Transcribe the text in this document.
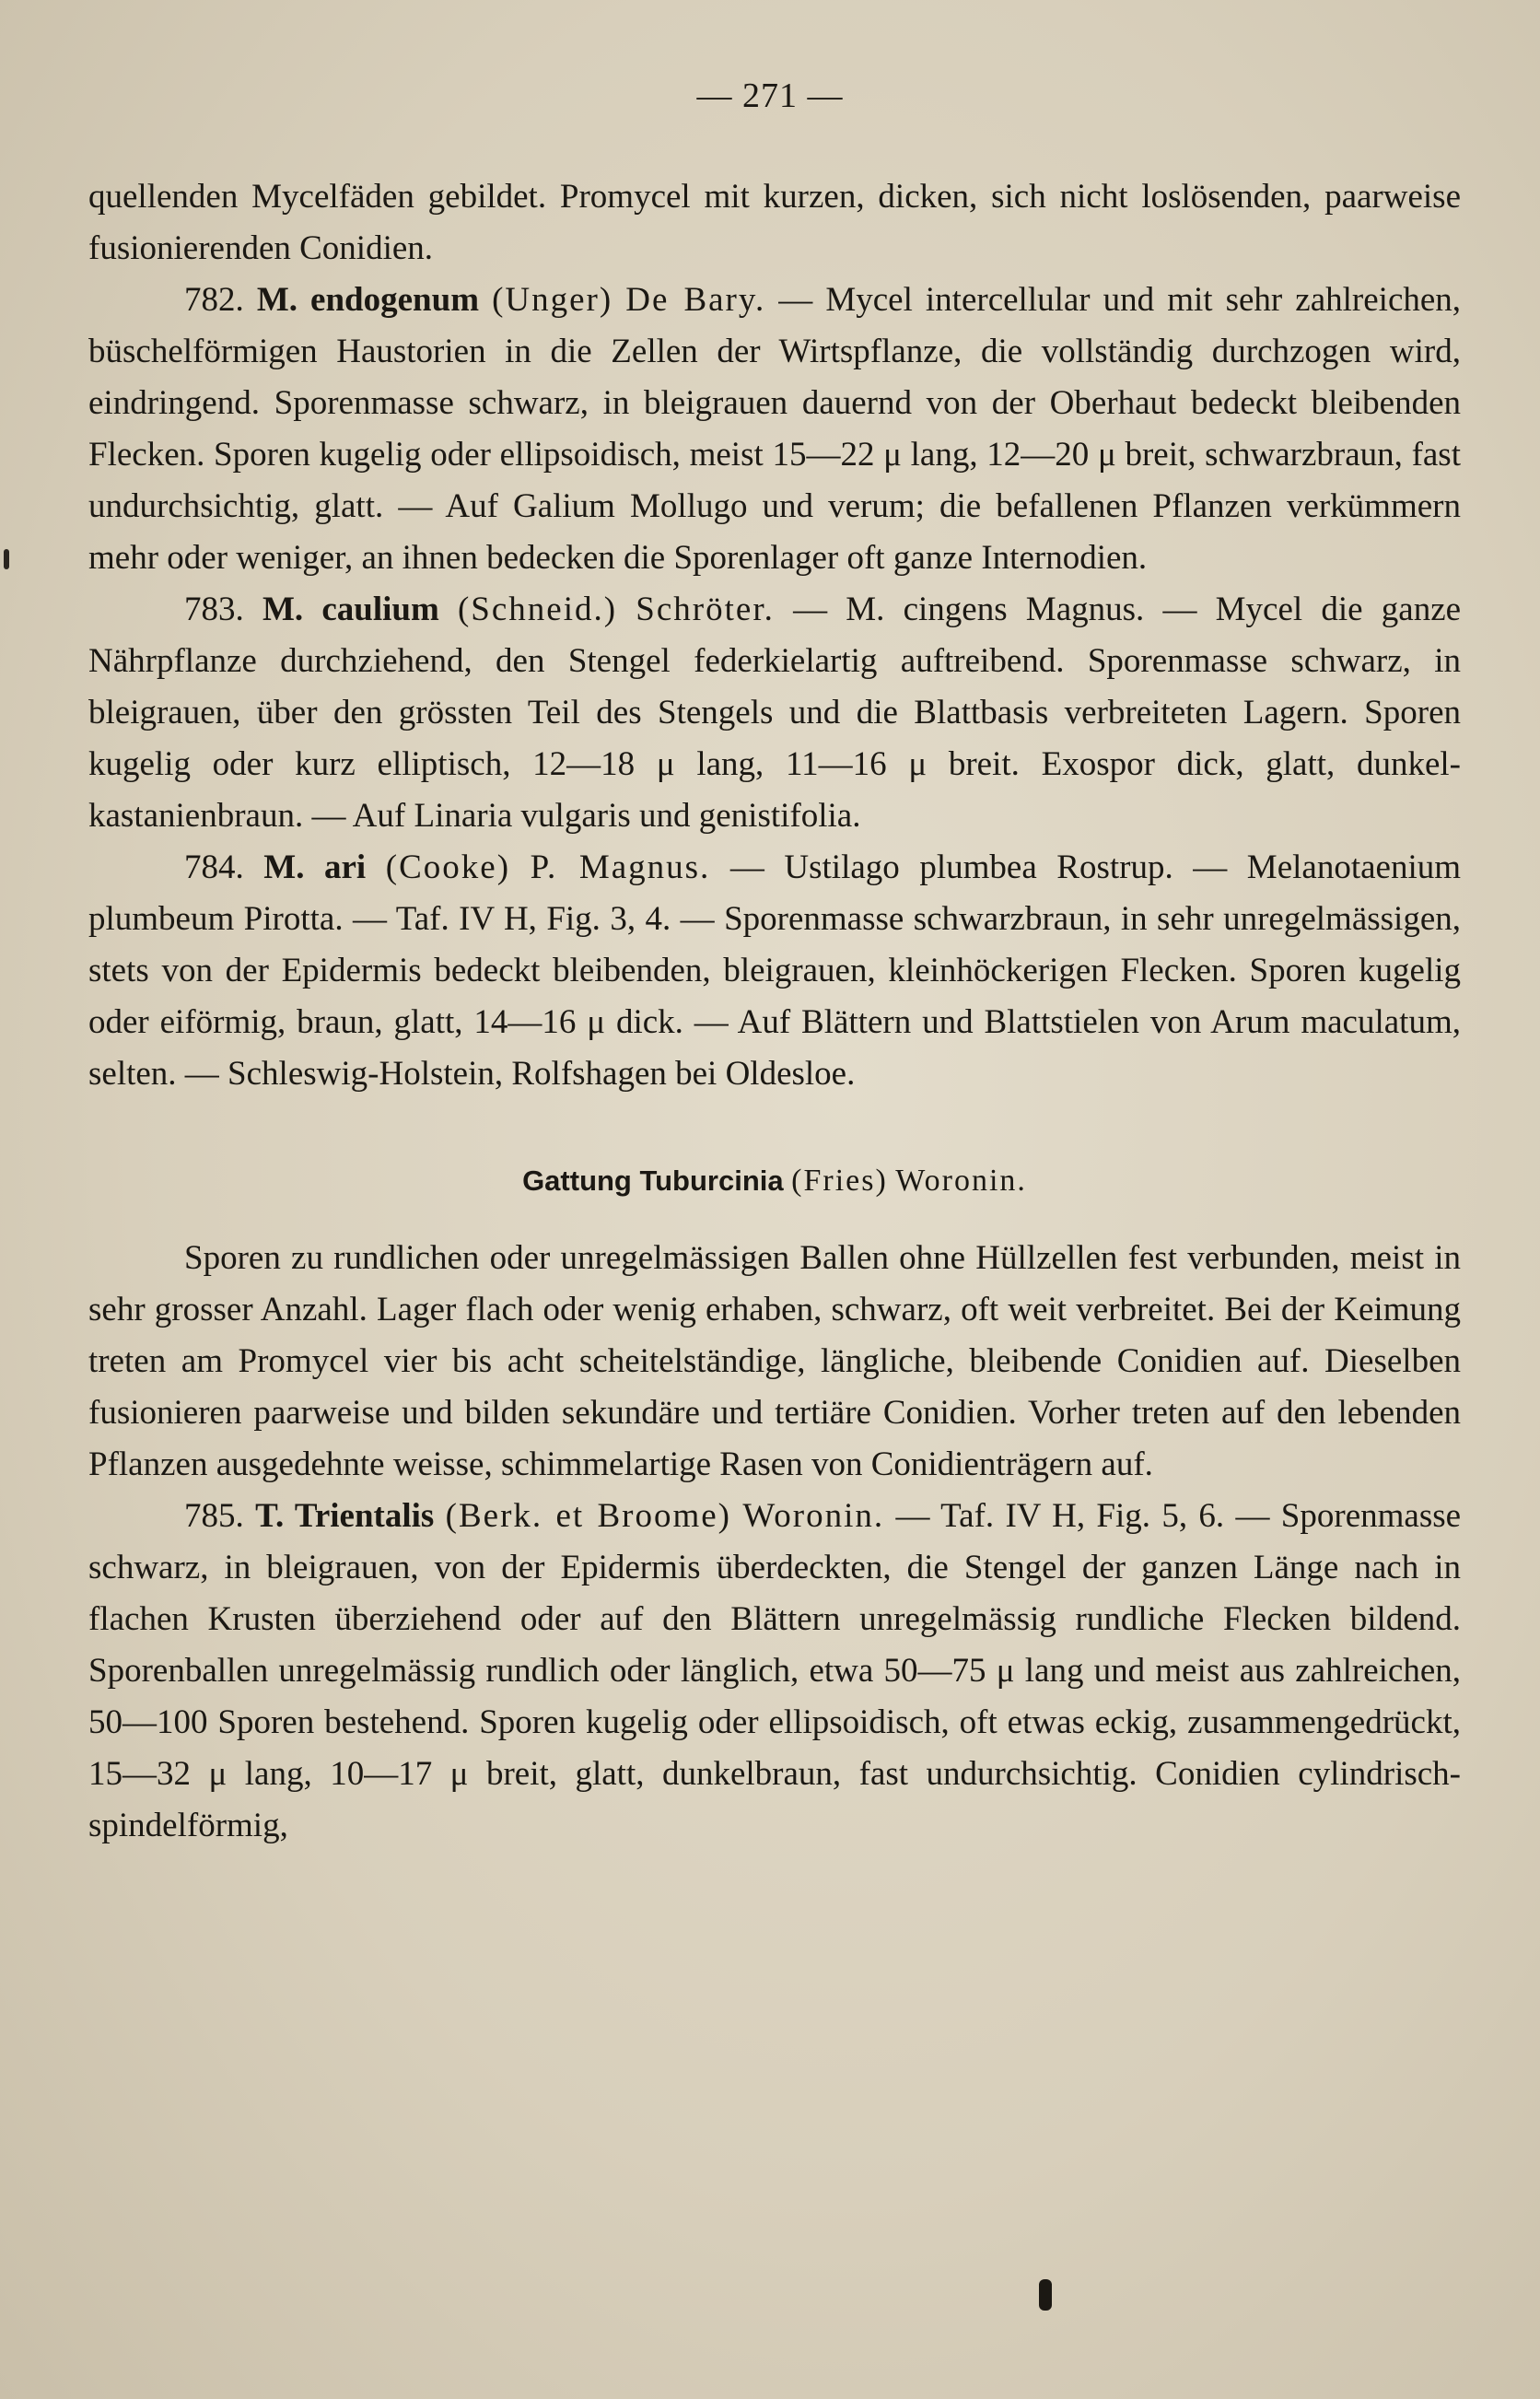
— 271 —

quellenden Mycelfäden gebildet. Promycel mit kurzen, dicken, sich nicht loslösenden, paarweise fusionierenden Conidien.

782. M. endogenum (Unger) De Bary. — Mycel intercellular und mit sehr zahlreichen, büschelförmigen Haustorien in die Zellen der Wirtspflanze, die vollständig durchzogen wird, eindringend. Sporenmasse schwarz, in bleigrauen dauernd von der Oberhaut bedeckt bleibenden Flecken. Sporen kugelig oder ellipsoidisch, meist 15—22 μ lang, 12—20 μ breit, schwarzbraun, fast undurchsichtig, glatt. — Auf Galium Mollugo und verum; die befallenen Pflanzen verkümmern mehr oder weniger, an ihnen bedecken die Sporenlager oft ganze Internodien.

783. M. caulium (Schneid.) Schröter. — M. cingens Magnus. — Mycel die ganze Nährpflanze durchziehend, den Stengel federkielartig auftreibend. Sporenmasse schwarz, in bleigrauen, über den grössten Teil des Stengels und die Blattbasis verbreiteten Lagern. Sporen kugelig oder kurz elliptisch, 12—18 μ lang, 11—16 μ breit. Exospor dick, glatt, dunkelkastanienbraun. — Auf Linaria vulgaris und genistifolia.

784. M. ari (Cooke) P. Magnus. — Ustilago plumbea Rostrup. — Melanotaenium plumbeum Pirotta. — Taf. IV H, Fig. 3, 4. — Sporenmasse schwarzbraun, in sehr unregelmässigen, stets von der Epidermis bedeckt bleibenden, bleigrauen, kleinhöckerigen Flecken. Sporen kugelig oder eiförmig, braun, glatt, 14—16 μ dick. — Auf Blättern und Blattstielen von Arum maculatum, selten. — Schleswig-Holstein, Rolfshagen bei Oldesloe.

Gattung Tuburcinia (Fries) Woronin.

Sporen zu rundlichen oder unregelmässigen Ballen ohne Hüllzellen fest verbunden, meist in sehr grosser Anzahl. Lager flach oder wenig erhaben, schwarz, oft weit verbreitet. Bei der Keimung treten am Promycel vier bis acht scheitelständige, längliche, bleibende Conidien auf. Dieselben fusionieren paarweise und bilden sekundäre und tertiäre Conidien. Vorher treten auf den lebenden Pflanzen ausgedehnte weisse, schimmelartige Rasen von Conidienträgern auf.

785. T. Trientalis (Berk. et Broome) Woronin. — Taf. IV H, Fig. 5, 6. — Sporenmasse schwarz, in bleigrauen, von der Epidermis überdeckten, die Stengel der ganzen Länge nach in flachen Krusten überziehend oder auf den Blättern unregelmässig rundliche Flecken bildend. Sporenballen unregelmässig rundlich oder länglich, etwa 50—75 μ lang und meist aus zahlreichen, 50—100 Sporen bestehend. Sporen kugelig oder ellipsoidisch, oft etwas eckig, zusammengedrückt, 15—32 μ lang, 10—17 μ breit, glatt, dunkelbraun, fast undurchsichtig. Conidien cylindrisch-spindelförmig,
